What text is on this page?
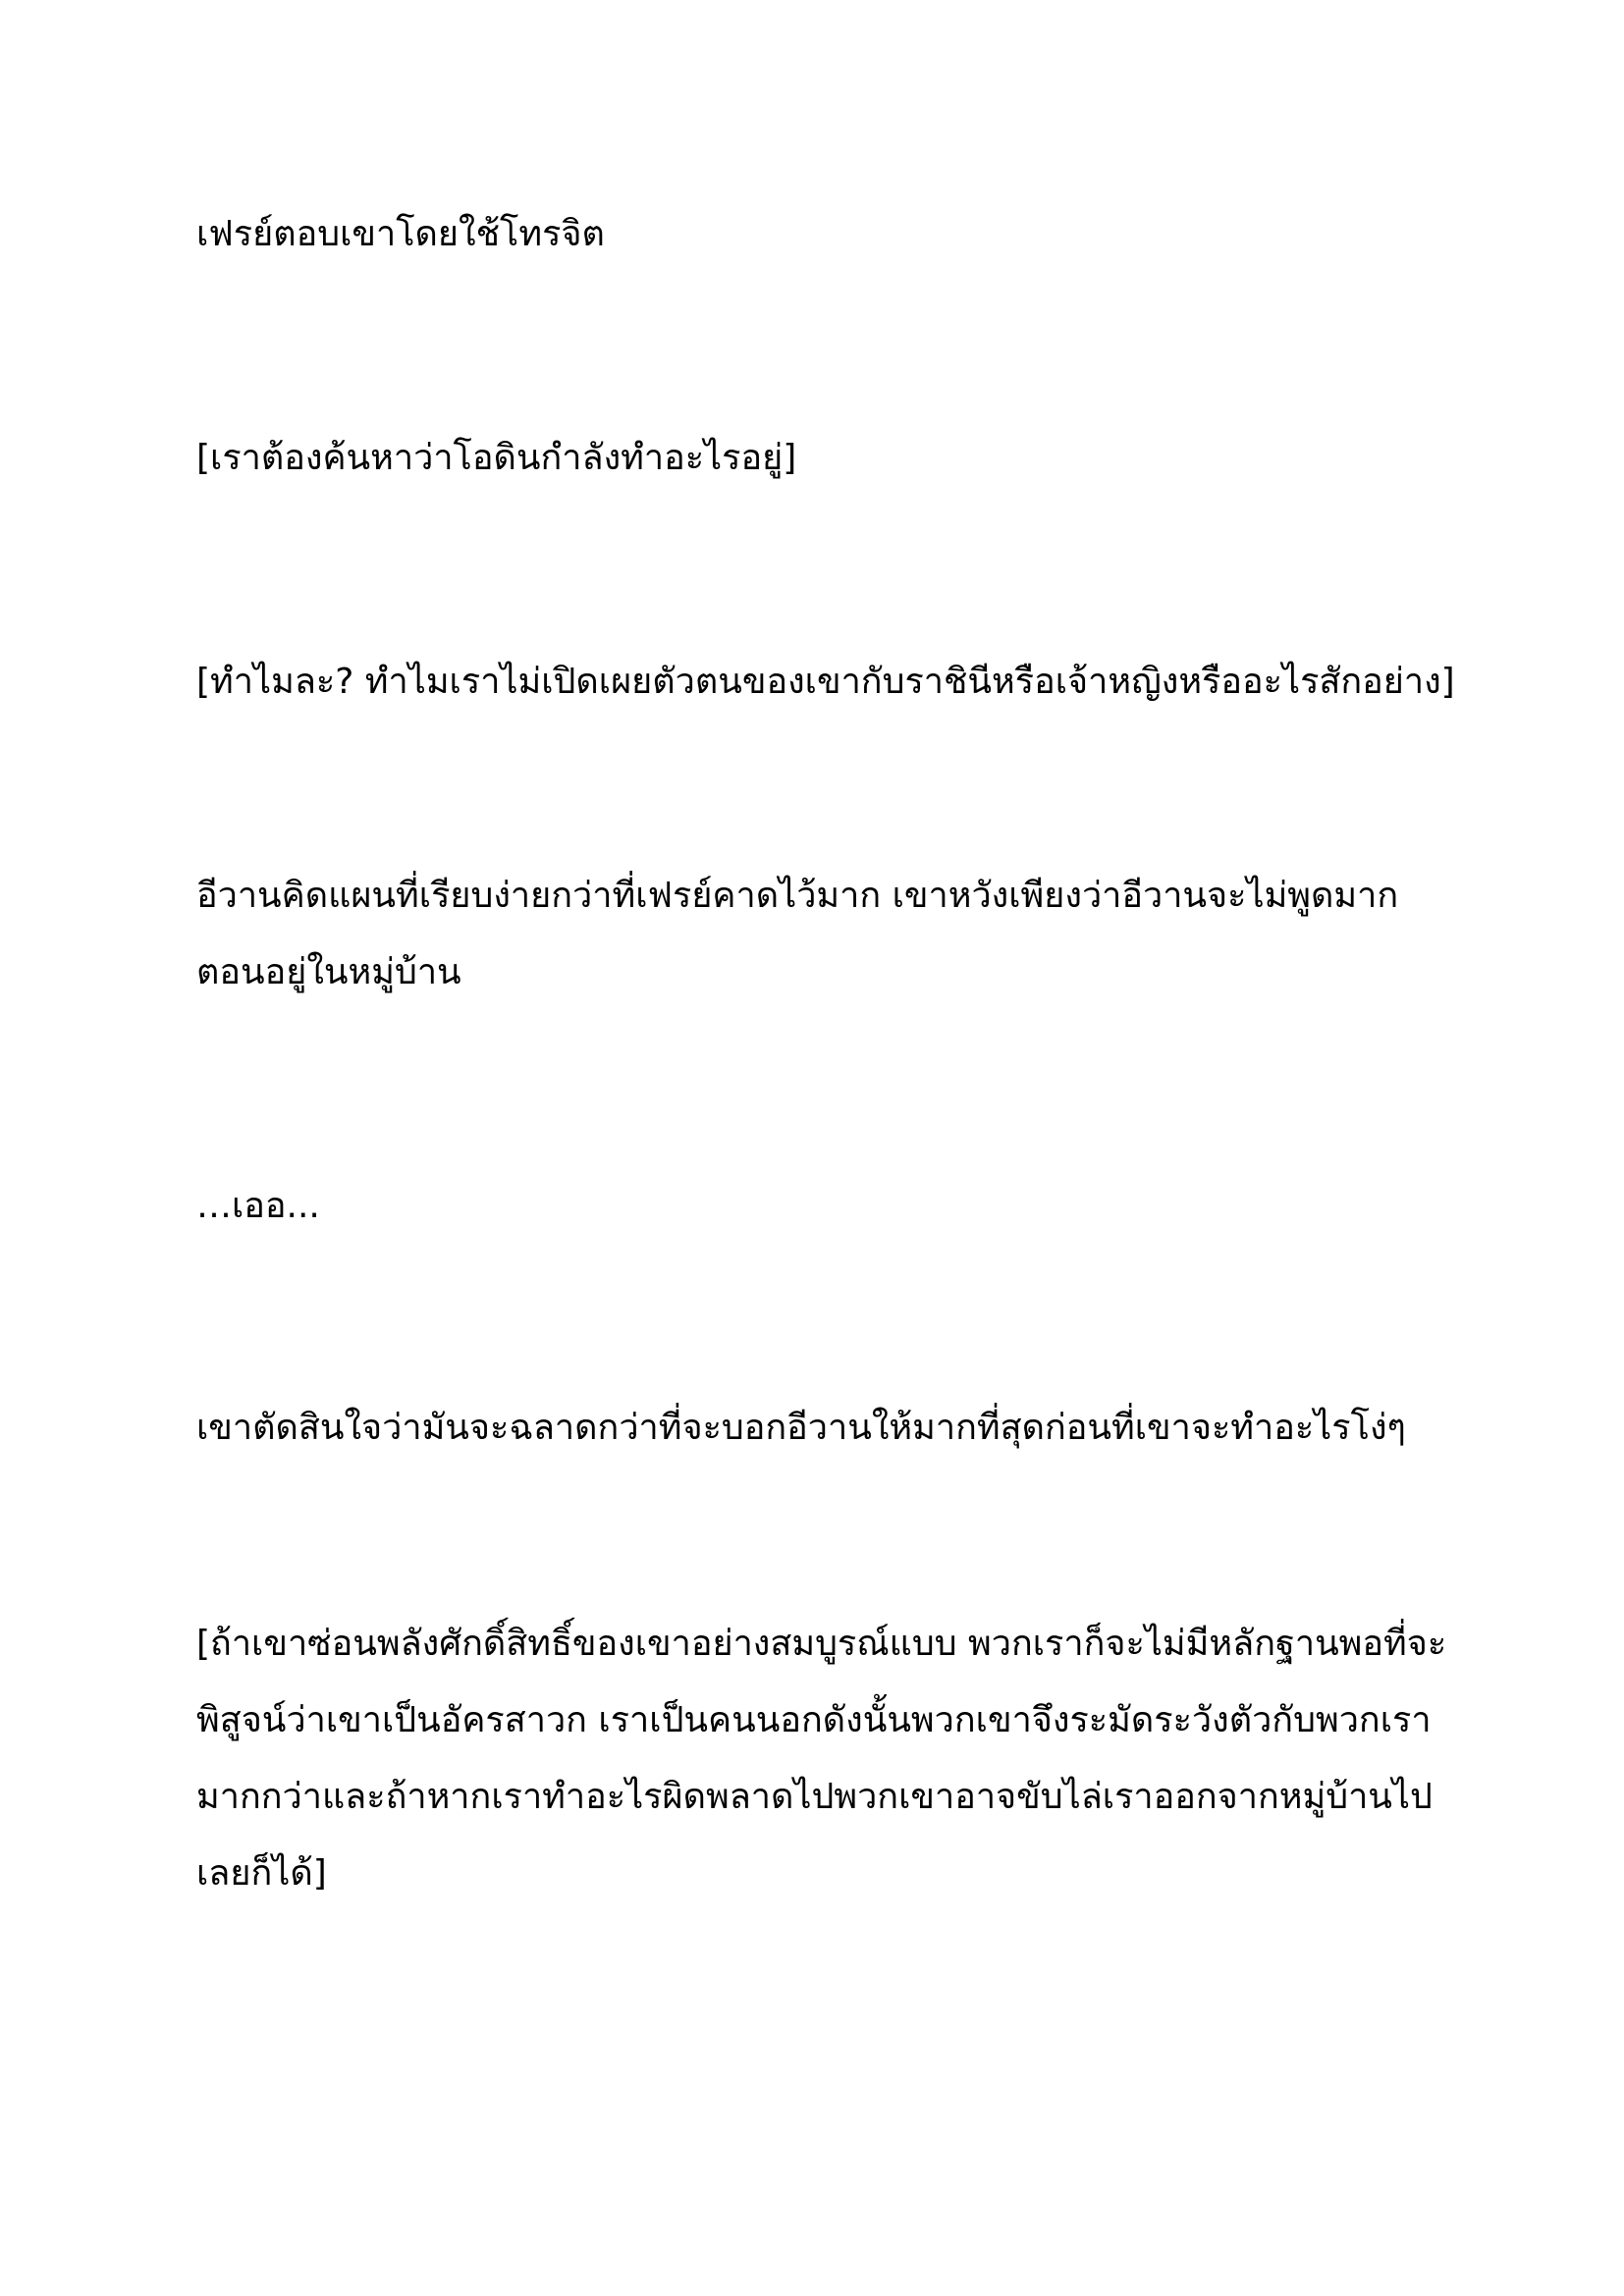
เฟรย์ตอบเขาโดยใช้โทรจิต

[เราต้องค้นหาว่าโอดินกำลังทำอะไรอยู่]

[ทำไมละ? ทำไมเราไม่เปิดเผยตัวตนของเขากับราชินีหรือเจ้าหญิงหรืออะไรสักอย่าง]

อีวานคิดแผนที่เรียบง่ายกว่าที่เฟรย์คาดไว้มาก เขาหวังเพียงว่าอีวานจะไม่พูดมาก
ตอนอยู่ในหมู่บ้าน

…เออ...

เขาตัดสินใจว่ามันจะฉลาดกว่าที่จะบอกอีวานให้มากที่สุดก่อนที่เขาจะทำอะไรโง่ๆ

[ถ้าเขาซ่อนพลังศักดิ์สิทธิ์ของเขาอย่างสมบูรณ์แบบ พวกเราก็จะไม่มีหลักฐานพอที่จะ
พิสูจน์ว่าเขาเป็นอัครสาวก เราเป็นคนนอกดังนั้นพวกเขาจึงระมัดระวังตัวกับพวกเรา
มากกว่าและถ้าหากเราทำอะไรผิดพลาดไปพวกเขาอาจขับไล่เราออกจากหมู่บ้านไป
เลยก็ได้]
